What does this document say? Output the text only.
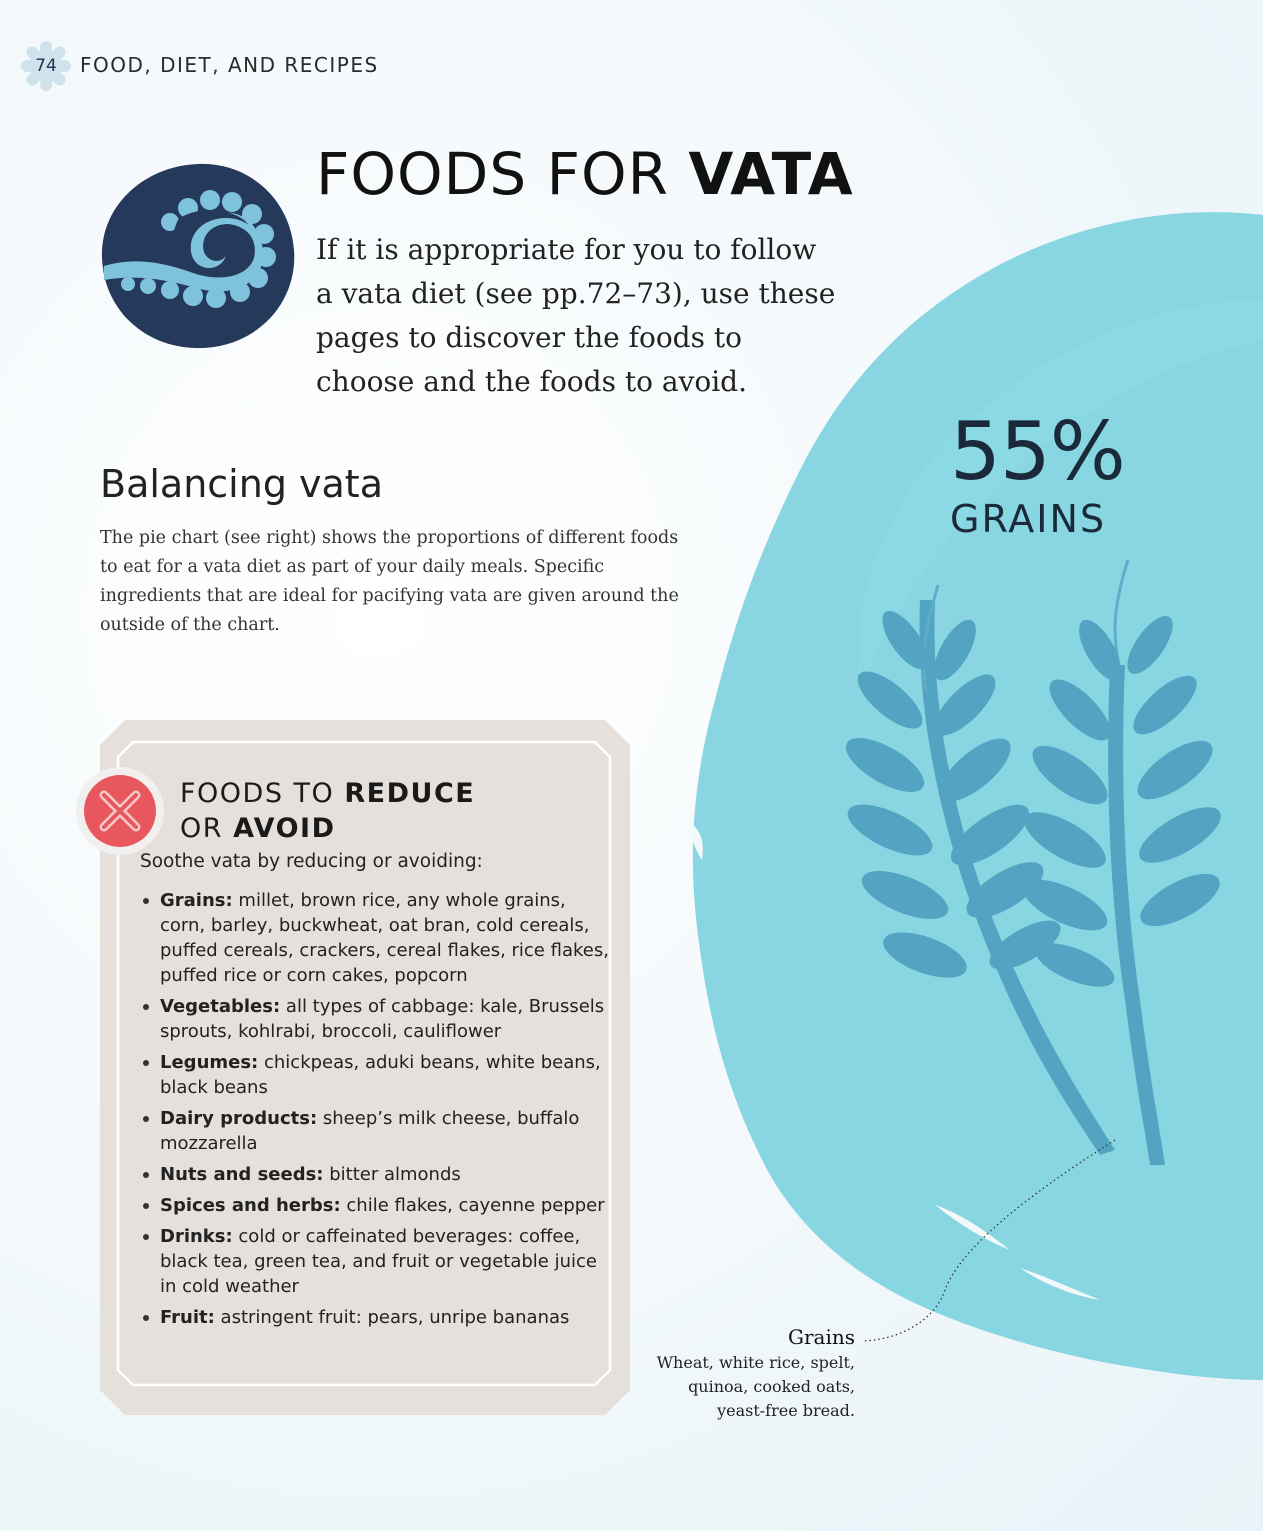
74	FOOD, DIET, AND RECIPES
55%
GRAINS
Grains
Wheat, white rice, spelt, quinoa, cooked oats, yeast-free bread.
FOODS FOR VATA

If it is appropriate for you to follow a vata diet (see pp.72–73), use these pages to discover the foods to choose and the foods to avoid.

Balancing vata

The pie chart (see right) shows the proportions of different foods to eat for a vata diet as part of your daily meals. Specific ingredients that are ideal for pacifying vata are given around the outside of the chart.

FOODS TO REDUCE
OR AVOID
Soothe vata by reducing or avoiding:
Grains: millet, brown rice, any whole grains, corn, barley, buckwheat, oat bran, cold cereals, puffed cereals, crackers, cereal flakes, rice flakes, puffed rice or corn cakes, popcorn
Vegetables: all types of cabbage: kale, Brussels sprouts, kohlrabi, broccoli, cauliflower
Legumes: chickpeas, aduki beans, white beans, black beans
Dairy products: sheep’s milk cheese, buffalo mozzarella
Nuts and seeds: bitter almonds
Spices and herbs: chile flakes, cayenne pepper
Drinks: cold or caffeinated beverages: coffee, black tea, green tea, and fruit or vegetable juice in cold weather
Fruit: astringent fruit: pears, unripe bananas
